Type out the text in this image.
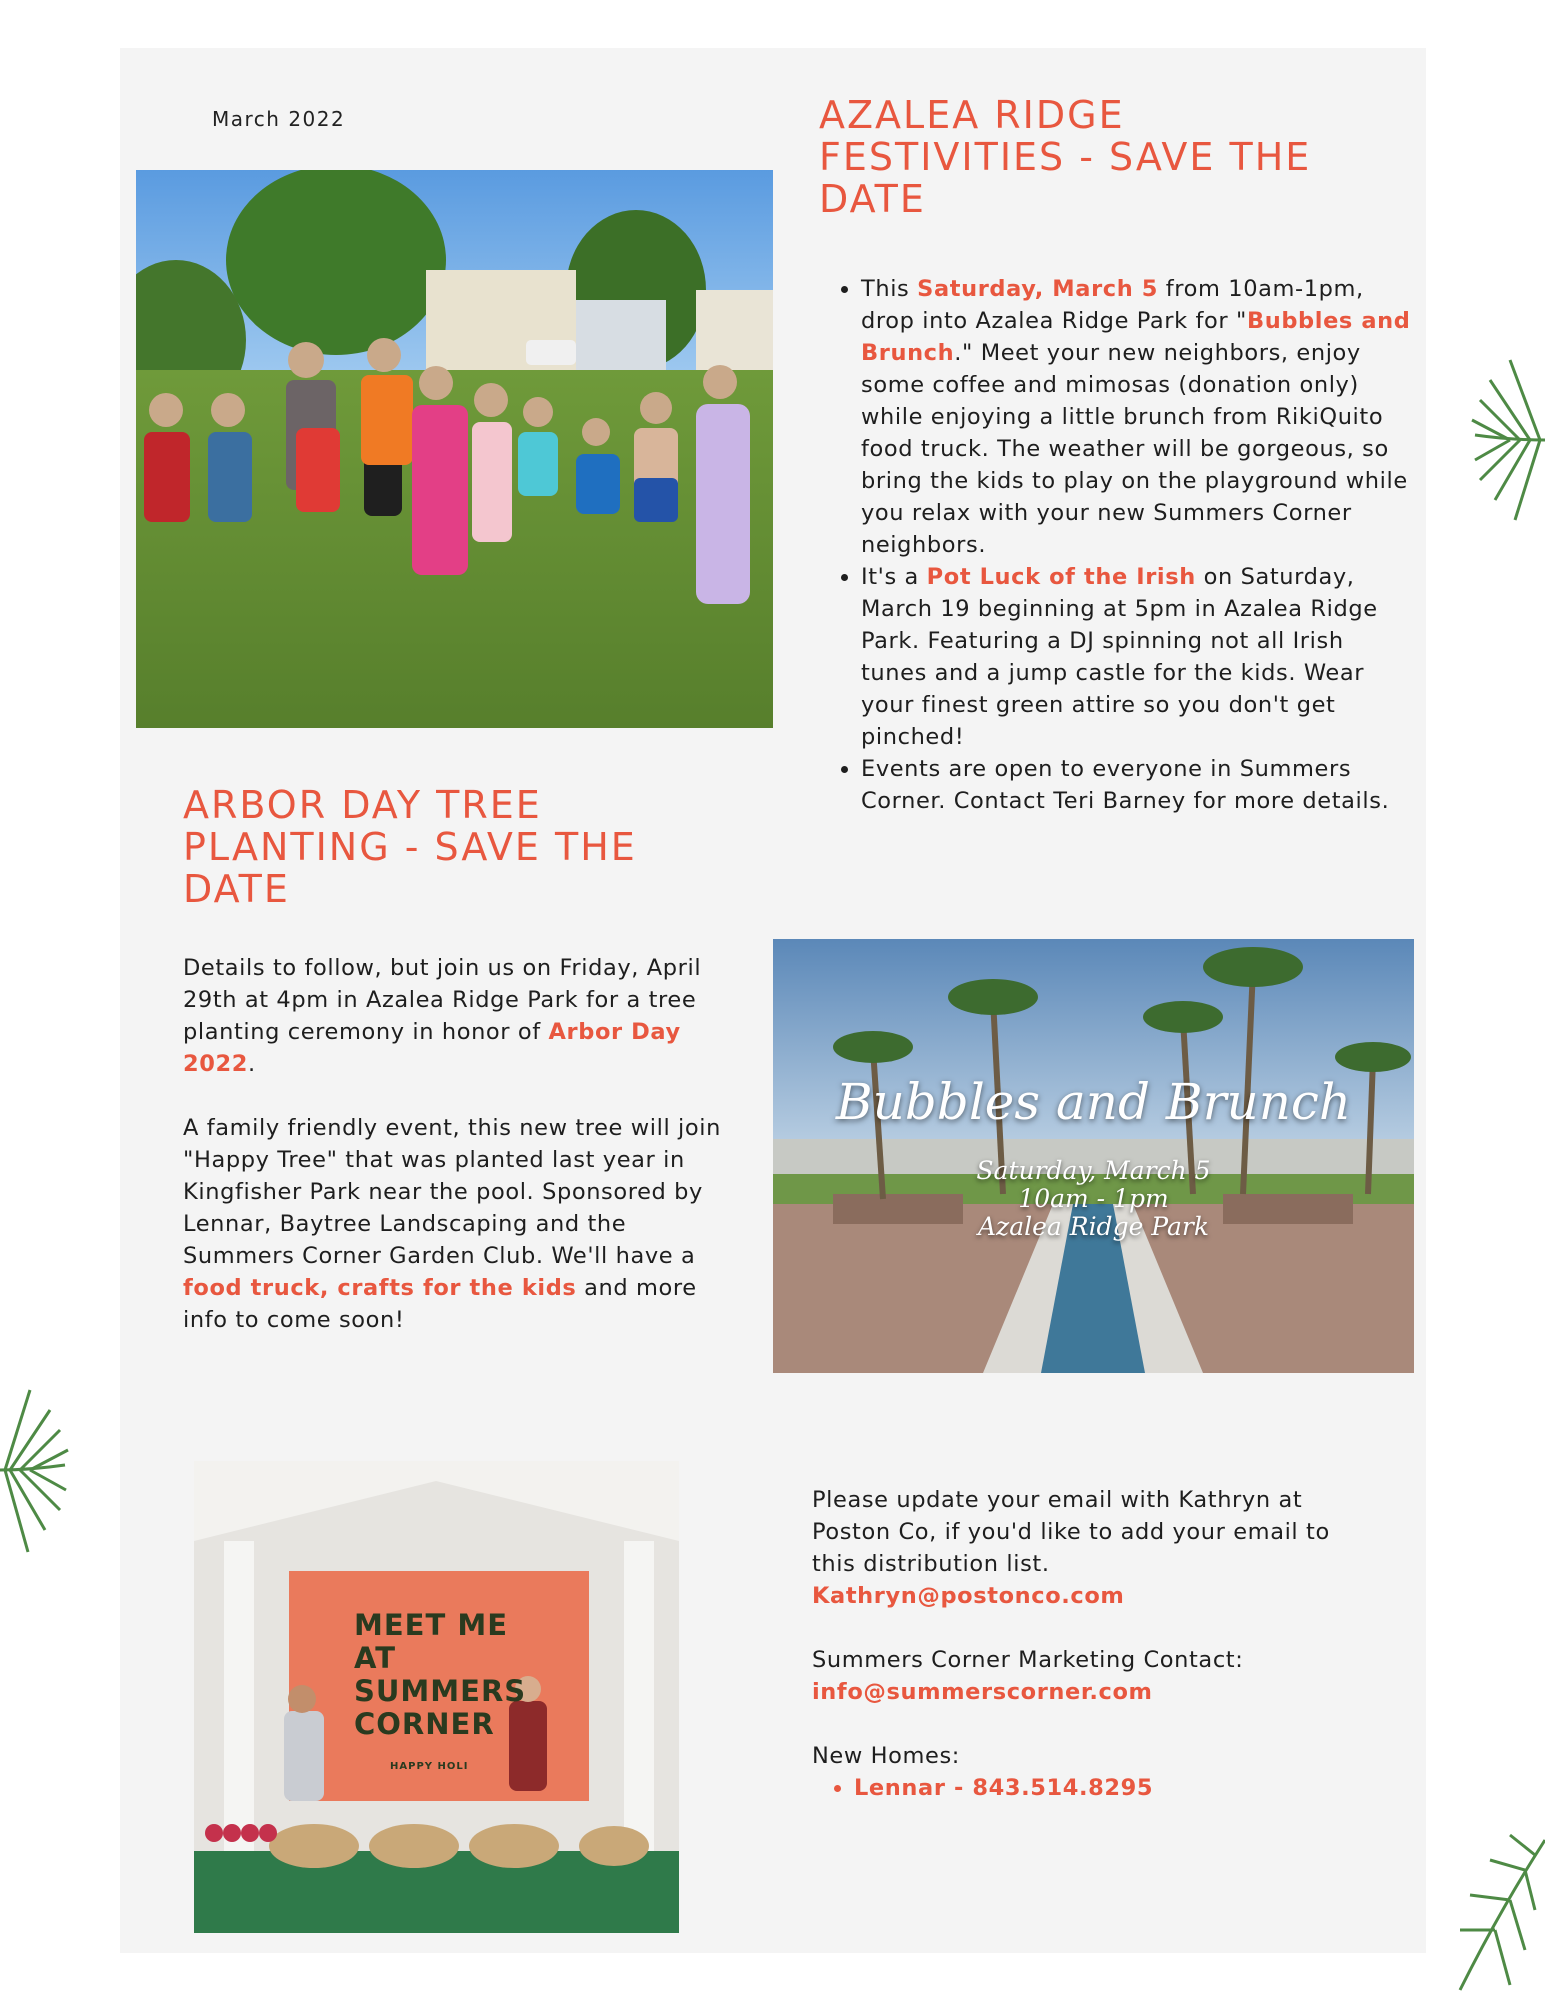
March 2022	AZALEA RIDGE FESTIVITIES - SAVE THE DATE
• This Saturday, March 5 from 10am-1pm, drop into Azalea Ridge Park for "Bubbles and Brunch." Meet your new neighbors, enjoy some coffee and mimosas (donation only) while enjoying a little brunch from RikiQuito food truck. The weather will be gorgeous, so bring the kids to play on the playground while you relax with your new Summers Corner neighbors.
• It's a Pot Luck of the Irish on Saturday, March 19 beginning at 5pm in Azalea Ridge Park. Featuring a DJ spinning not all Irish tunes and a jump castle for the kids. Wear your finest green attire so you don't get pinched!
• Events are open to everyone in Summers Corner. Contact Teri Barney for more details.
ARBOR DAY TREE PLANTING - SAVE THE DATE
Details to follow, but join us on Friday, April 29th at 4pm in Azalea Ridge Park for a tree planting ceremony in honor of Arbor Day 2022.
A family friendly event, this new tree will join "Happy Tree" that was planted last year in Kingfisher Park near the pool. Sponsored by Lennar, Baytree Landscaping and the Summers Corner Garden Club. We'll have a food truck, crafts for the kids and more info to come soon!
Bubbles and Brunch
Saturday, March 5
10am - 1pm
Azalea Ridge Park
MEET ME
AT
SUMMERS
CORNER
HAPPY HOLI

Please update your email with Kathryn at Poston Co, if you'd like to add your email to this distribution list.

Kathryn@postonco.com

Summers Corner Marketing Contact:

info@summerscorner.com

New Homes:

• Lennar - 843.514.8295
